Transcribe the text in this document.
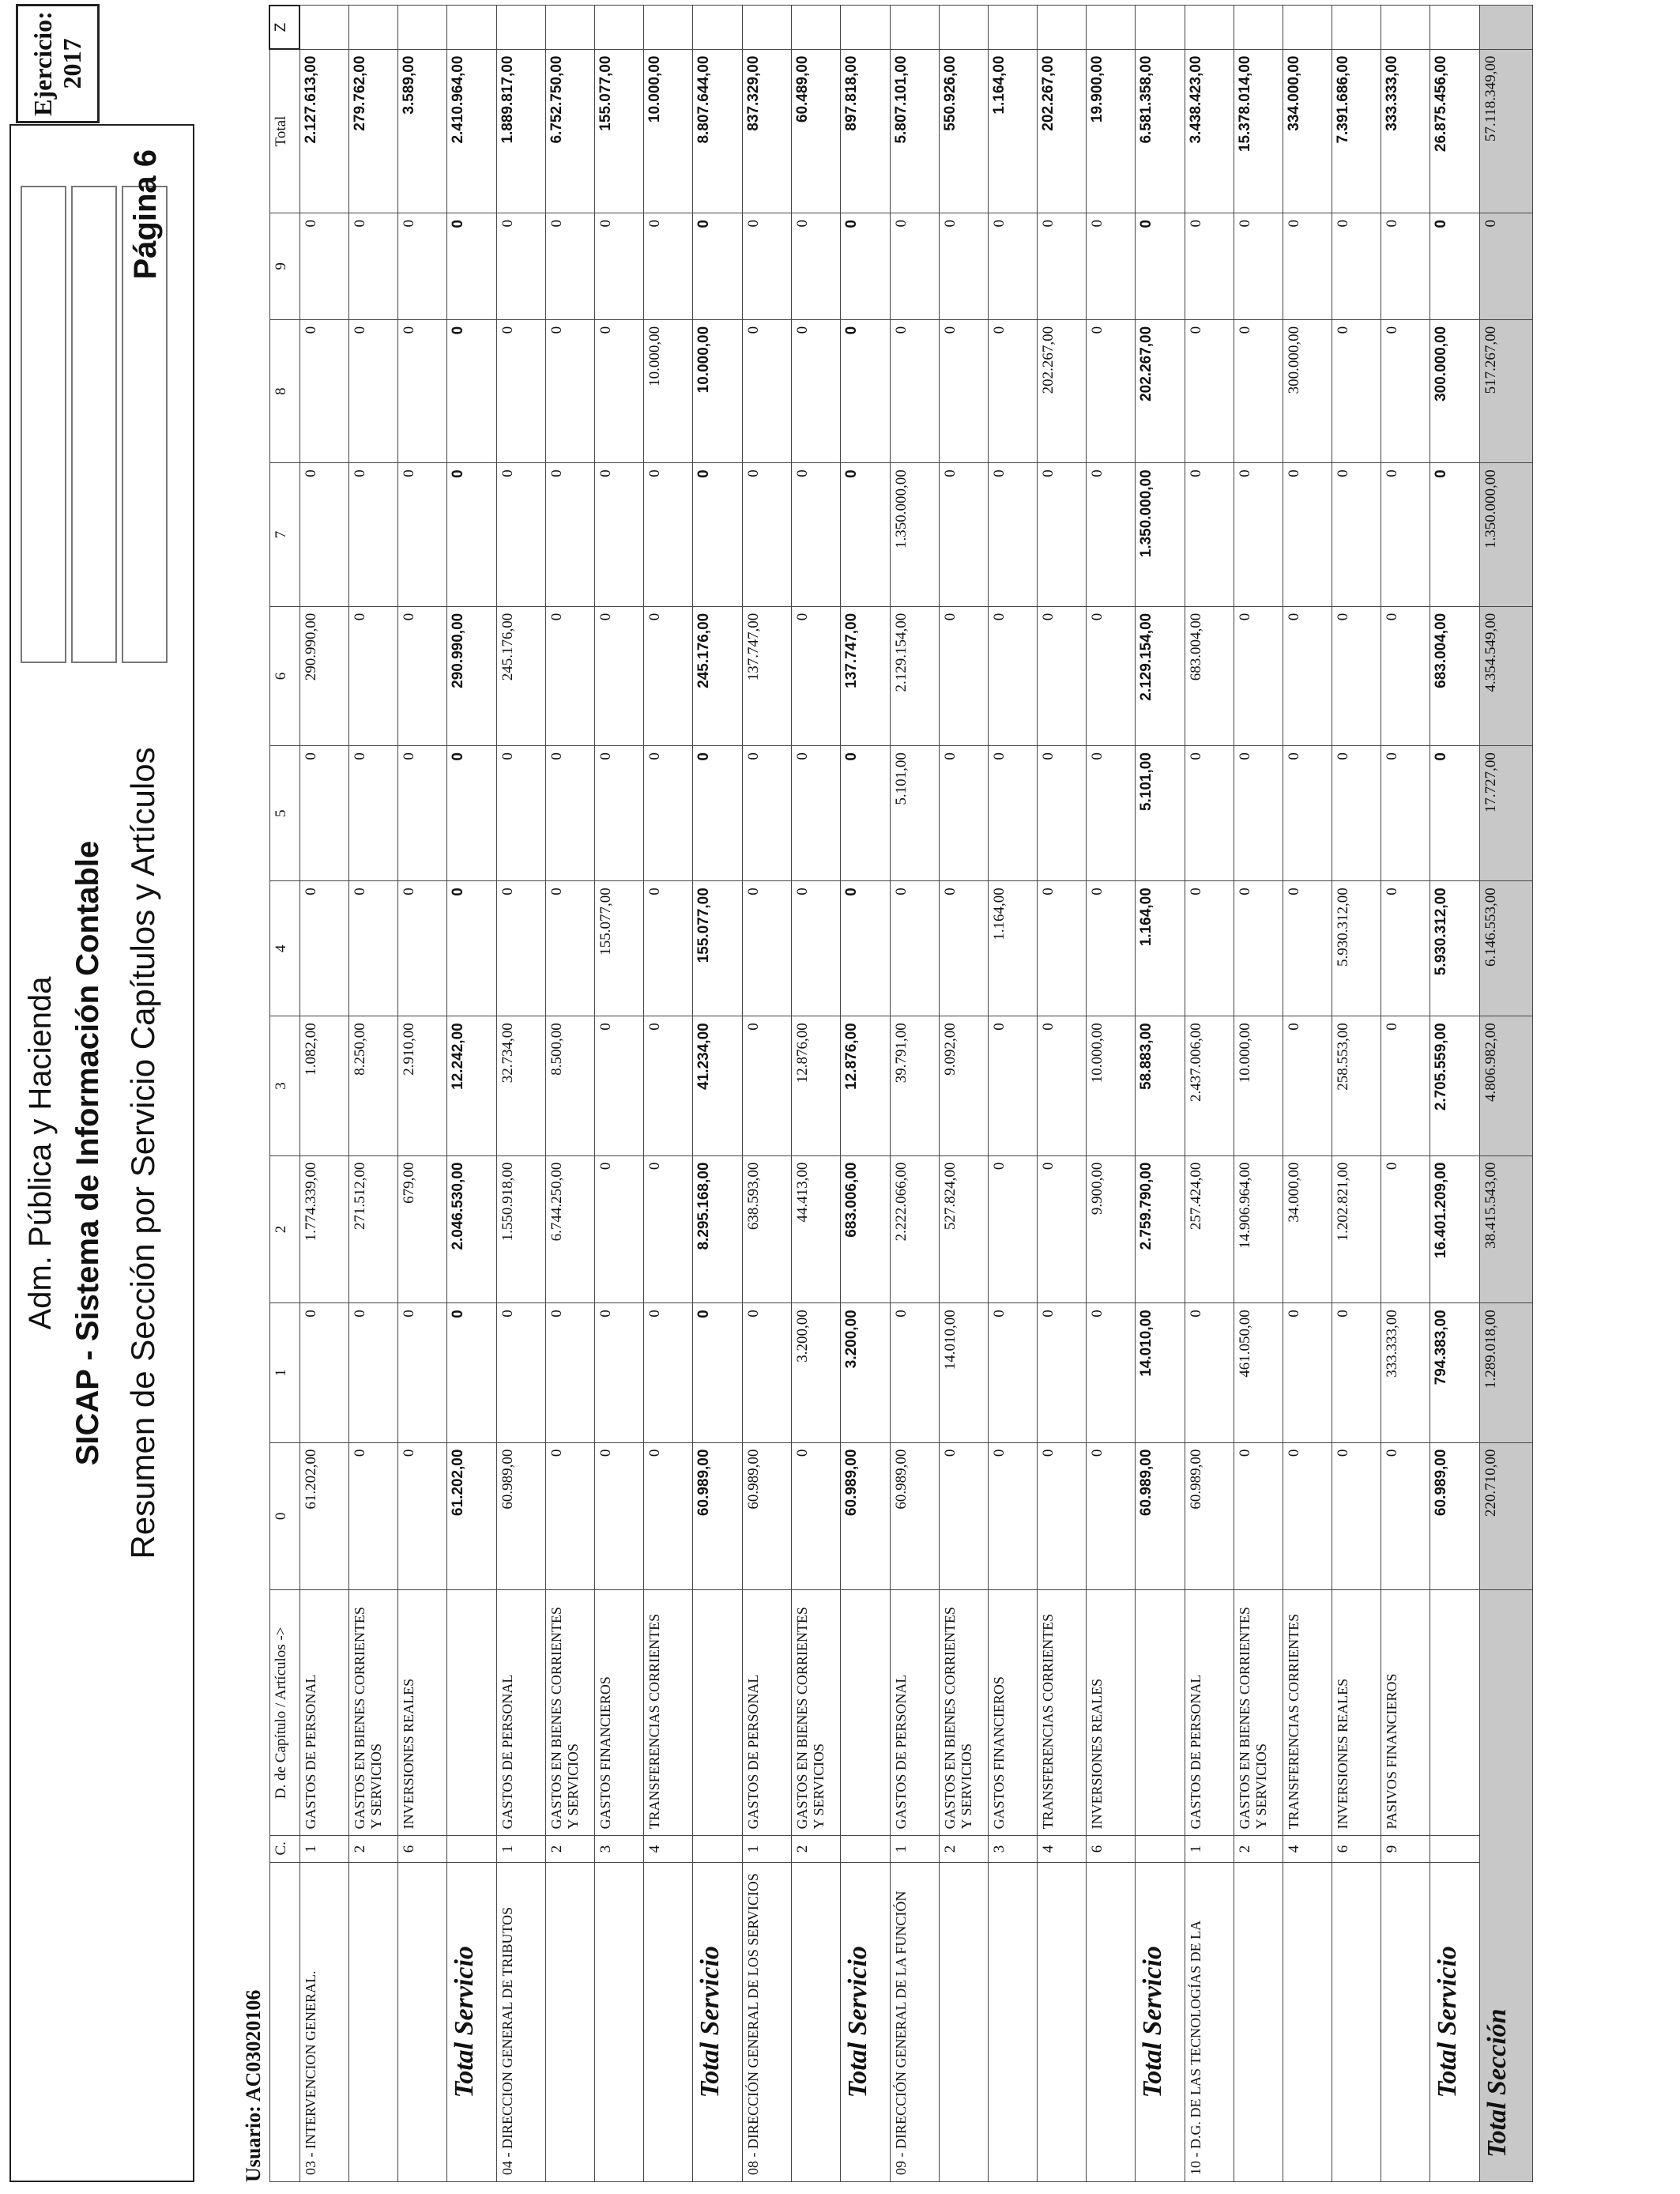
Adm. Pública y Hacienda SICAP - Sistema de Información Contable Resumen de Sección por Servicio Capítulos y Artículos
Página 6
Ejercicio: 2017
Usuario: AC03020106
	C.	D. de Capítulo / Artículos ->	0	1	2	3	4	5	6	7	8	9	Total	Z
03 - INTERVENCION GENERAL.	1	GASTOS DE PERSONAL	61.202,00	0	1.774.339,00	1.082,00	0	0	290.990,00	0	0	0	2.127.613,00	
	2	GASTOS EN BIENES CORRIENTES Y SERVICIOS	0	0	271.512,00	8.250,00	0	0	0	0	0	0	279.762,00	
	6	INVERSIONES REALES	0	0	679,00	2.910,00	0	0	0	0	0	0	3.589,00	
Total Servicio			61.202,00	0	2.046.530,00	12.242,00	0	0	290.990,00	0	0	0	2.410.964,00	
04 - DIRECCION GENERAL DE TRIBUTOS	1	GASTOS DE PERSONAL	60.989,00	0	1.550.918,00	32.734,00	0	0	245.176,00	0	0	0	1.889.817,00	
	2	GASTOS EN BIENES CORRIENTES Y SERVICIOS	0	0	6.744.250,00	8.500,00	0	0	0	0	0	0	6.752.750,00	
	3	GASTOS FINANCIEROS	0	0	0	0	155.077,00	0	0	0	0	0	155.077,00	
	4	TRANSFERENCIAS CORRIENTES	0	0	0	0	0	0	0	0	10.000,00	0	10.000,00	
Total Servicio			60.989,00	0	8.295.168,00	41.234,00	155.077,00	0	245.176,00	0	10.000,00	0	8.807.644,00	
08 - DIRECCIÓN GENERAL DE LOS SERVICIOS	1	GASTOS DE PERSONAL	60.989,00	0	638.593,00	0	0	0	137.747,00	0	0	0	837.329,00	
	2	GASTOS EN BIENES CORRIENTES Y SERVICIOS	0	3.200,00	44.413,00	12.876,00	0	0	0	0	0	0	60.489,00	
Total Servicio			60.989,00	3.200,00	683.006,00	12.876,00	0	0	137.747,00	0	0	0	897.818,00	
09 - DIRECCIÓN GENERAL DE LA FUNCIÓN	1	GASTOS DE PERSONAL	60.989,00	0	2.222.066,00	39.791,00	0	5.101,00	2.129.154,00	1.350.000,00	0	0	5.807.101,00	
	2	GASTOS EN BIENES CORRIENTES Y SERVICIOS	0	14.010,00	527.824,00	9.092,00	0	0	0	0	0	0	550.926,00	
	3	GASTOS FINANCIEROS	0	0	0	0	1.164,00	0	0	0	0	0	1.164,00	
	4	TRANSFERENCIAS CORRIENTES	0	0	0	0	0	0	0	0	202.267,00	0	202.267,00	
	6	INVERSIONES REALES	0	0	9.900,00	10.000,00	0	0	0	0	0	0	19.900,00	
Total Servicio			60.989,00	14.010,00	2.759.790,00	58.883,00	1.164,00	5.101,00	2.129.154,00	1.350.000,00	202.267,00	0	6.581.358,00	
10 - D.G. DE LAS TECNOLOGÍAS DE LA	1	GASTOS DE PERSONAL	60.989,00	0	257.424,00	2.437.006,00	0	0	683.004,00	0	0	0	3.438.423,00	
	2	GASTOS EN BIENES CORRIENTES Y SERVICIOS	0	461.050,00	14.906.964,00	10.000,00	0	0	0	0	0	0	15.378.014,00	
	4	TRANSFERENCIAS CORRIENTES	0	0	34.000,00	0	0	0	0	0	300.000,00	0	334.000,00	
	6	INVERSIONES REALES	0	0	1.202.821,00	258.553,00	5.930.312,00	0	0	0	0	0	7.391.686,00	
	9	PASIVOS FINANCIEROS	0	333.333,00	0	0	0	0	0	0	0	0	333.333,00	
Total Servicio			60.989,00	794.383,00	16.401.209,00	2.705.559,00	5.930.312,00	0	683.004,00	0	300.000,00	0	26.875.456,00	
Total Sección			220.710,00	1.289.018,00	38.415.543,00	4.806.982,00	6.146.553,00	17.727,00	4.354.549,00	1.350.000,00	517.267,00	0	57.118.349,00	
